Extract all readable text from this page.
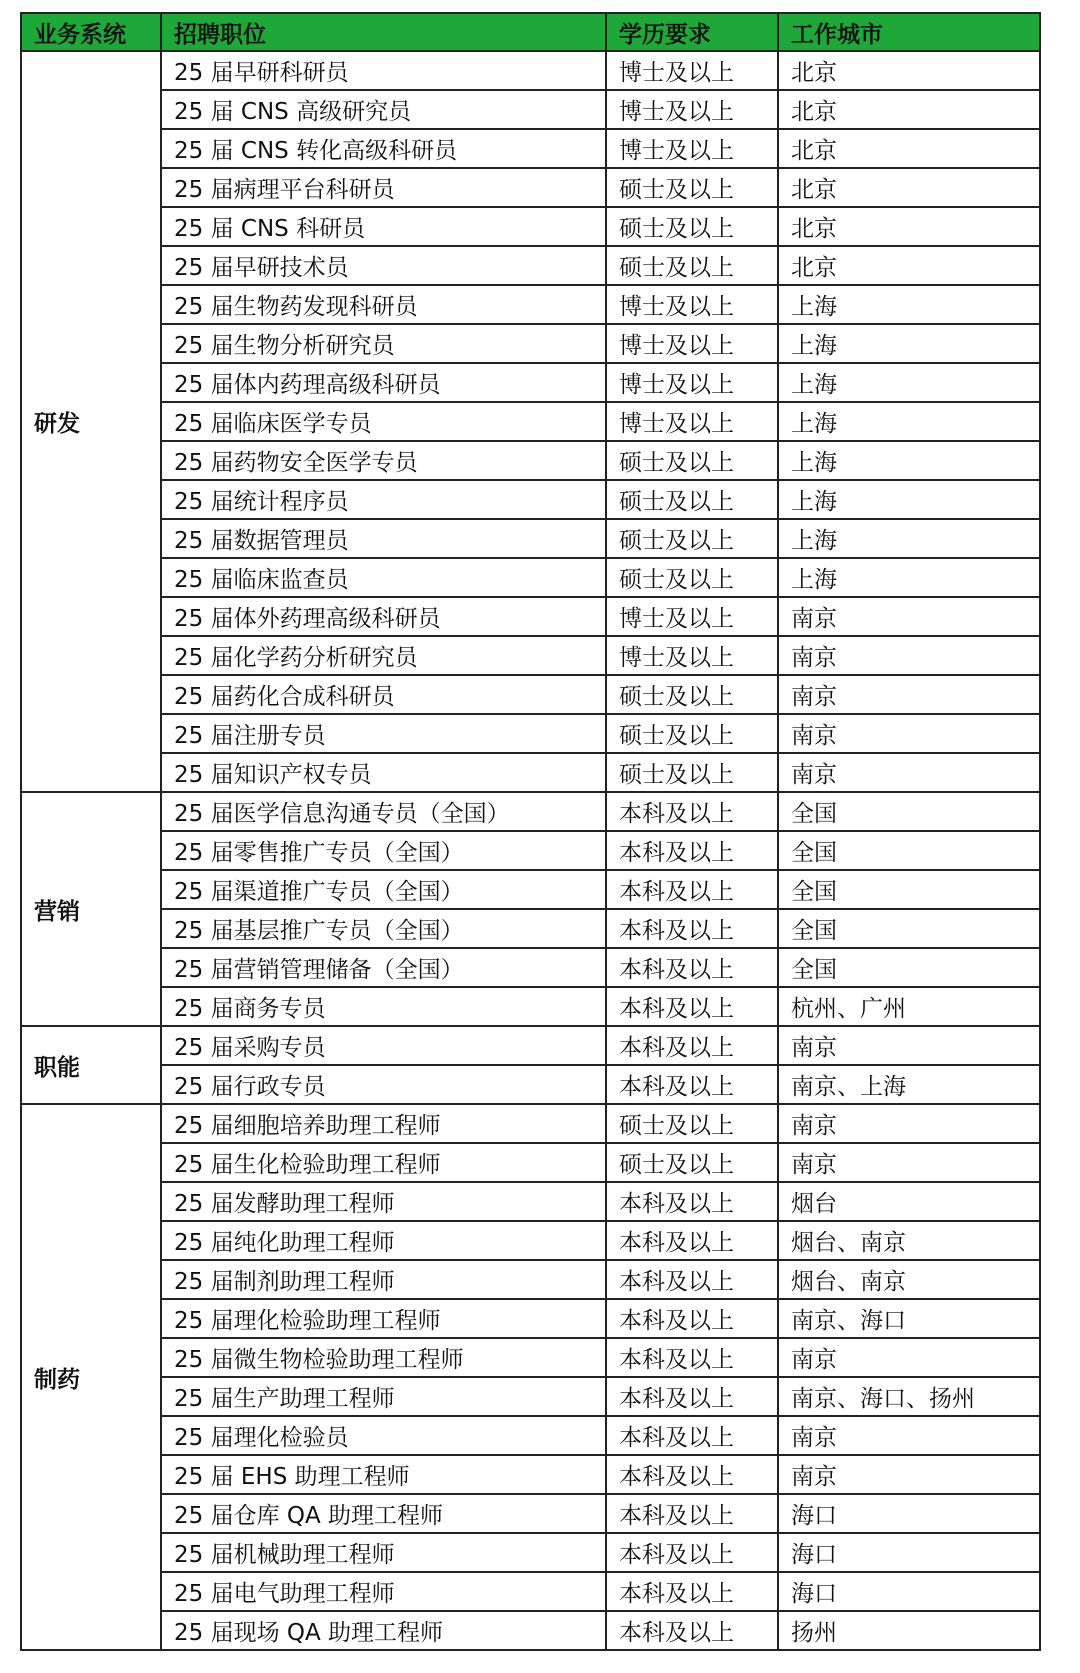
业务系统	招聘职位	学历要求	工作城市
研发	25 届早研科研员	博士及以上	北京
	25 届 CNS 高级研究员	博士及以上	北京
	25 届 CNS 转化高级科研员	博士及以上	北京
	25 届病理平台科研员	硕士及以上	北京
	25 届 CNS 科研员	硕士及以上	北京
	25 届早研技术员	硕士及以上	北京
	25 届生物药发现科研员	博士及以上	上海
	25 届生物分析研究员	博士及以上	上海
	25 届体内药理高级科研员	博士及以上	上海
	25 届临床医学专员	博士及以上	上海
	25 届药物安全医学专员	硕士及以上	上海
	25 届统计程序员	硕士及以上	上海
	25 届数据管理员	硕士及以上	上海
	25 届临床监查员	硕士及以上	上海
	25 届体外药理高级科研员	博士及以上	南京
	25 届化学药分析研究员	博士及以上	南京
	25 届药化合成科研员	硕士及以上	南京
	25 届注册专员	硕士及以上	南京
	25 届知识产权专员	硕士及以上	南京
营销	25 届医学信息沟通专员（全国）	本科及以上	全国
	25 届零售推广专员（全国）	本科及以上	全国
	25 届渠道推广专员（全国）	本科及以上	全国
	25 届基层推广专员（全国）	本科及以上	全国
	25 届营销管理储备（全国）	本科及以上	全国
	25 届商务专员	本科及以上	杭州、广州
职能	25 届采购专员	本科及以上	南京
	25 届行政专员	本科及以上	南京、上海
制药	25 届细胞培养助理工程师	硕士及以上	南京
	25 届生化检验助理工程师	硕士及以上	南京
	25 届发酵助理工程师	本科及以上	烟台
	25 届纯化助理工程师	本科及以上	烟台、南京
	25 届制剂助理工程师	本科及以上	烟台、南京
	25 届理化检验助理工程师	本科及以上	南京、海口
	25 届微生物检验助理工程师	本科及以上	南京
	25 届生产助理工程师	本科及以上	南京、海口、扬州
	25 届理化检验员	本科及以上	南京
	25 届 EHS 助理工程师	本科及以上	南京
	25 届仓库 QA 助理工程师	本科及以上	海口
	25 届机械助理工程师	本科及以上	海口
	25 届电气助理工程师	本科及以上	海口
	25 届现场 QA 助理工程师	本科及以上	扬州
